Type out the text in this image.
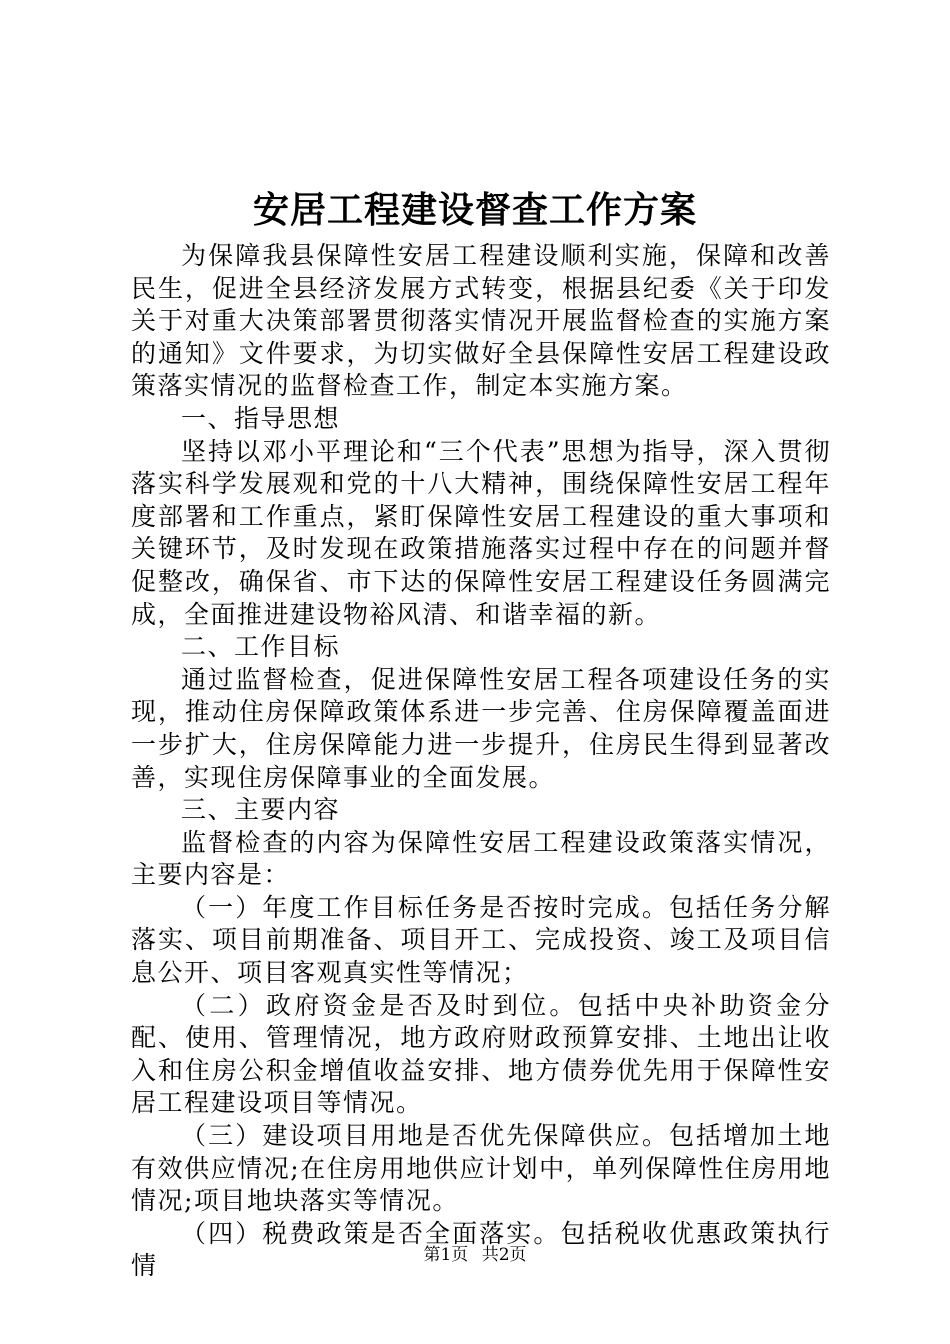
安居工程建设督查工作方案

为保障我县保障性安居工程建设顺利实施，保障和改善民生，促进全县经济发展方式转变，根据县纪委《关于印发关于对重大决策部署贯彻落实情况开展监督检查的实施方案的通知》文件要求，为切实做好全县保障性安居工程建设政策落实情况的监督检查工作，制定本实施方案。

一、指导思想

坚持以邓小平理论和“三个代表”思想为指导，深入贯彻落实科学发展观和党的十八大精神，围绕保障性安居工程年度部署和工作重点，紧盯保障性安居工程建设的重大事项和关键环节，及时发现在政策措施落实过程中存在的问题并督促整改，确保省、市下达的保障性安居工程建设任务圆满完成，全面推进建设物裕风清、和谐幸福的新。

二、工作目标

通过监督检查，促进保障性安居工程各项建设任务的实现，推动住房保障政策体系进一步完善、住房保障覆盖面进一步扩大，住房保障能力进一步提升，住房民生得到显著改善，实现住房保障事业的全面发展。

三、主要内容

监督检查的内容为保障性安居工程建设政策落实情况，主要内容是：

（一）年度工作目标任务是否按时完成。包括任务分解落实、项目前期准备、项目开工、完成投资、竣工及项目信息公开、项目客观真实性等情况；

（二）政府资金是否及时到位。包括中央补助资金分配、使用、管理情况，地方政府财政预算安排、土地出让收入和住房公积金增值收益安排、地方债券优先用于保障性安居工程建设项目等情况。

（三）建设项目用地是否优先保障供应。包括增加土地有效供应情况;在住房用地供应计划中，单列保障性住房用地情况;项目地块落实等情况。

（四）税费政策是否全面落实。包括税收优惠政策执行情	第1页 共2页
